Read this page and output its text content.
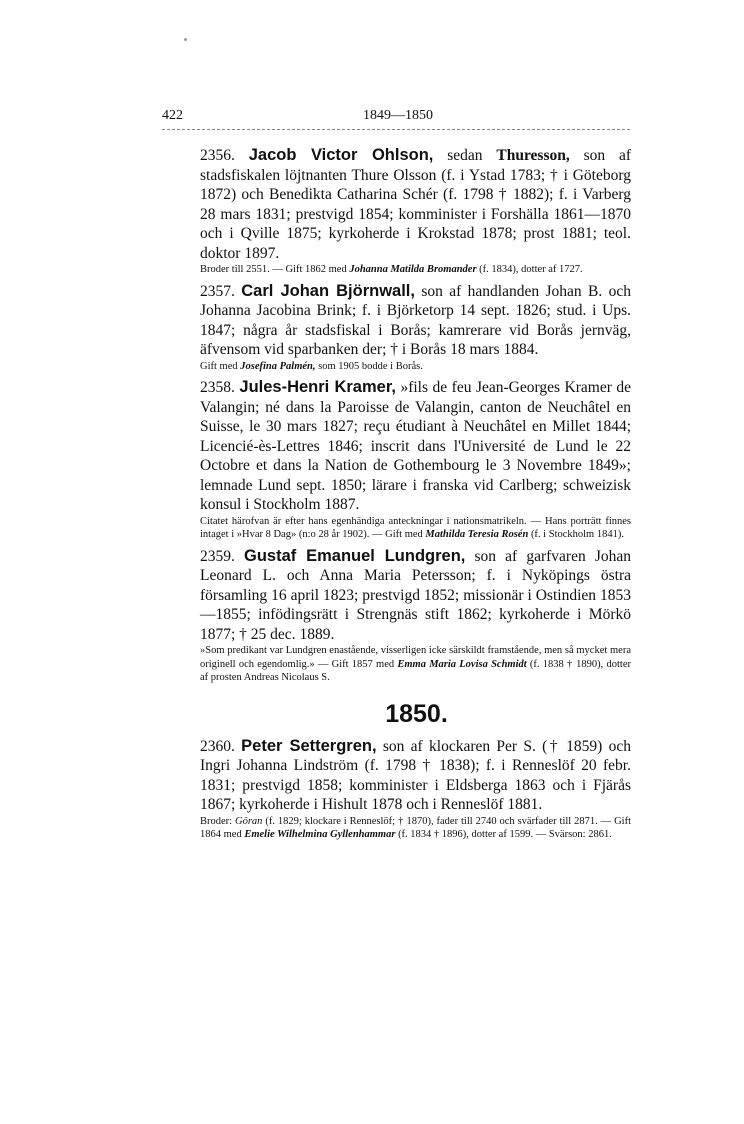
422	1849—1850

2356. Jacob Victor Ohlson, sedan Thuresson, son af stadsfiskalen löjtnanten Thure Olsson (f. i Ystad 1783; † i Göteborg 1872) och Benedikta Catharina Schér (f. 1798 † 1882); f. i Varberg 28 mars 1831; prestvigd 1854; komminister i Forshälla 1861—1870 och i Qville 1875; kyrkoherde i Krokstad 1878; prost 1881; teol. doktor 1897.

Broder till 2551. — Gift 1862 med Johanna Matilda Bromander (f. 1834), dotter af 1727.

2357. Carl Johan Björnwall, son af handlanden Johan B. och Johanna Jacobina Brink; f. i Björketorp 14 sept. 1826; stud. i Ups. 1847; några år stadsfiskal i Borås; kamrerare vid Borås jernväg, äfvensom vid sparbanken der; † i Borås 18 mars 1884.

Gift med Josefina Palmén, som 1905 bodde i Borås.

2358. Jules-Henri Kramer, »fils de feu Jean-Georges Kramer de Valangin; né dans la Paroisse de Valangin, canton de Neuchâtel en Suisse, le 30 mars 1827; reçu étudiant à Neuchâtel en Millet 1844; Licencié-ès-Lettres 1846; inscrit dans l'Université de Lund le 22 Octobre et dans la Nation de Gothembourg le 3 Novembre 1849»; lemnade Lund sept. 1850; lärare i franska vid Carlberg; schweizisk konsul i Stockholm 1887.

Citatet härofvan är efter hans egenhändiga anteckningar i nationsmatrikeln. — Hans porträtt finnes intaget i »Hvar 8 Dag» (n:o 28 år 1902). — Gift med Mathilda Teresia Rosén (f. i Stockholm 1841).

2359. Gustaf Emanuel Lundgren, son af garfvaren Johan Leonard L. och Anna Maria Petersson; f. i Nyköpings östra församling 16 april 1823; prestvigd 1852; missionär i Ostindien 1853—1855; infödingsrätt i Strengnäs stift 1862; kyrkoherde i Mörkö 1877; † 25 dec. 1889.

»Som predikant var Lundgren enastående, visserligen icke särskildt framstående, men så mycket mera originell och egendomlig.» — Gift 1857 med Emma Maria Lovisa Schmidt (f. 1838 † 1890), dotter af prosten Andreas Nicolaus S.

1850.

2360. Peter Settergren, son af klockaren Per S. († 1859) och Ingri Johanna Lindström (f. 1798 † 1838); f. i Renneslöf 20 febr. 1831; prestvigd 1858; komminister i Eldsberga 1863 och i Fjärås 1867; kyrkoherde i Hishult 1878 och i Renneslöf 1881.

Broder: Göran (f. 1829; klockare i Renneslöf; † 1870), fader till 2740 och svärfader till 2871. — Gift 1864 med Emelie Wilhelmina Gyllenhammar (f. 1834 † 1896), dotter af 1599. — Svärson: 2861.
